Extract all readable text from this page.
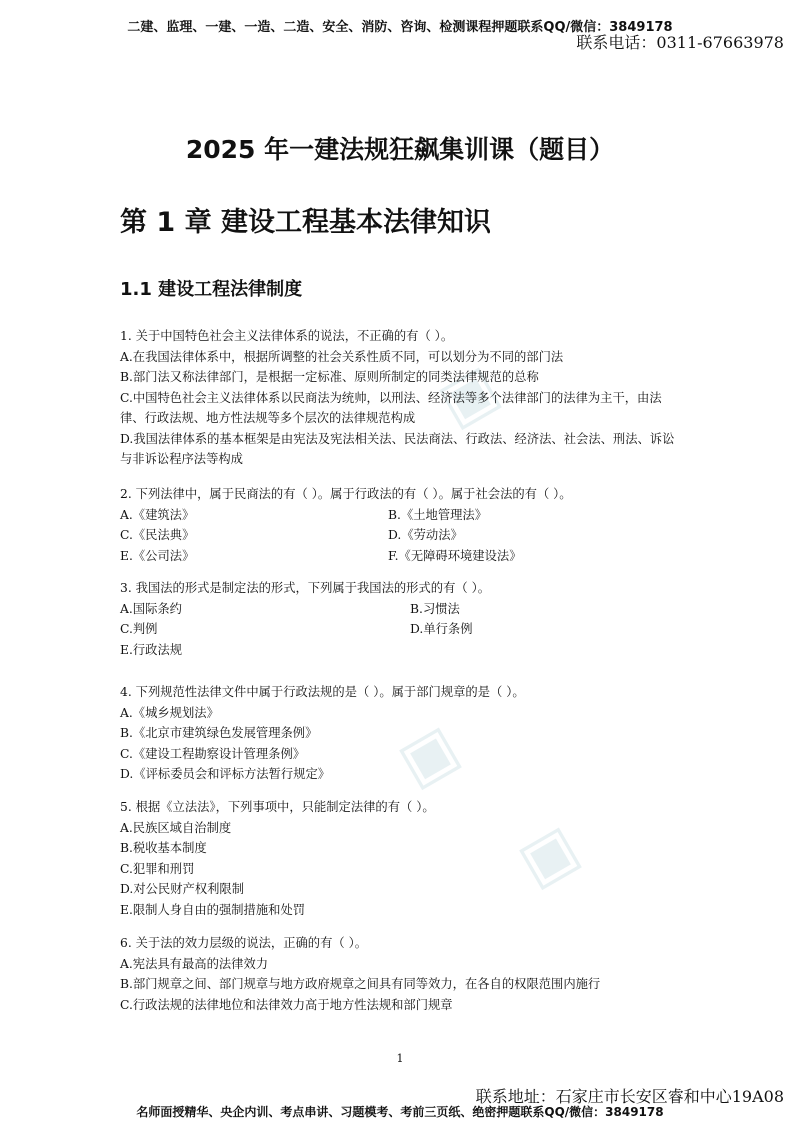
▣
▣
▣
二建、监理、一建、一造、二造、安全、消防、咨询、检测课程押题联系QQ/微信：3849178
联系电话：0311-67663978
2025 年一建法规狂飙集训课（题目）
第 1 章 建设工程基本法律知识
1.1 建设工程法律制度
1. 关于中国特色社会主义法律体系的说法，不正确的有（ ）。
A.在我国法律体系中，根据所调整的社会关系性质不同，可以划分为不同的部门法
B.部门法又称法律部门，是根据一定标准、原则所制定的同类法律规范的总称
C.中国特色社会主义法律体系以民商法为统帅，以刑法、经济法等多个法律部门的法律为主干，由法律、行政法规、地方性法规等多个层次的法律规范构成
D.我国法律体系的基本框架是由宪法及宪法相关法、民法商法、行政法、经济法、社会法、刑法、诉讼与非诉讼程序法等构成
2. 下列法律中，属于民商法的有（ ）。属于行政法的有（ ）。属于社会法的有（ ）。
A.《建筑法》	B.《土地管理法》
C.《民法典》	D.《劳动法》
E.《公司法》	F.《无障碍环境建设法》
3. 我国法的形式是制定法的形式，下列属于我国法的形式的有（ ）。
A.国际条约	B.习惯法
C.判例	D.单行条例
E.行政法规
4. 下列规范性法律文件中属于行政法规的是（ ）。属于部门规章的是（ ）。
A.《城乡规划法》
B.《北京市建筑绿色发展管理条例》
C.《建设工程勘察设计管理条例》
D.《评标委员会和评标方法暂行规定》
5. 根据《立法法》，下列事项中，只能制定法律的有（ ）。
A.民族区域自治制度
B.税收基本制度
C.犯罪和刑罚
D.对公民财产权利限制
E.限制人身自由的强制措施和处罚
6. 关于法的效力层级的说法，正确的有（ ）。
A.宪法具有最高的法律效力
B.部门规章之间、部门规章与地方政府规章之间具有同等效力，在各自的权限范围内施行
C.行政法规的法律地位和法律效力高于地方性法规和部门规章
1
联系地址：石家庄市长安区睿和中心19A08
名师面授精华、央企内训、考点串讲、习题模考、考前三页纸、绝密押题联系QQ/微信：3849178
